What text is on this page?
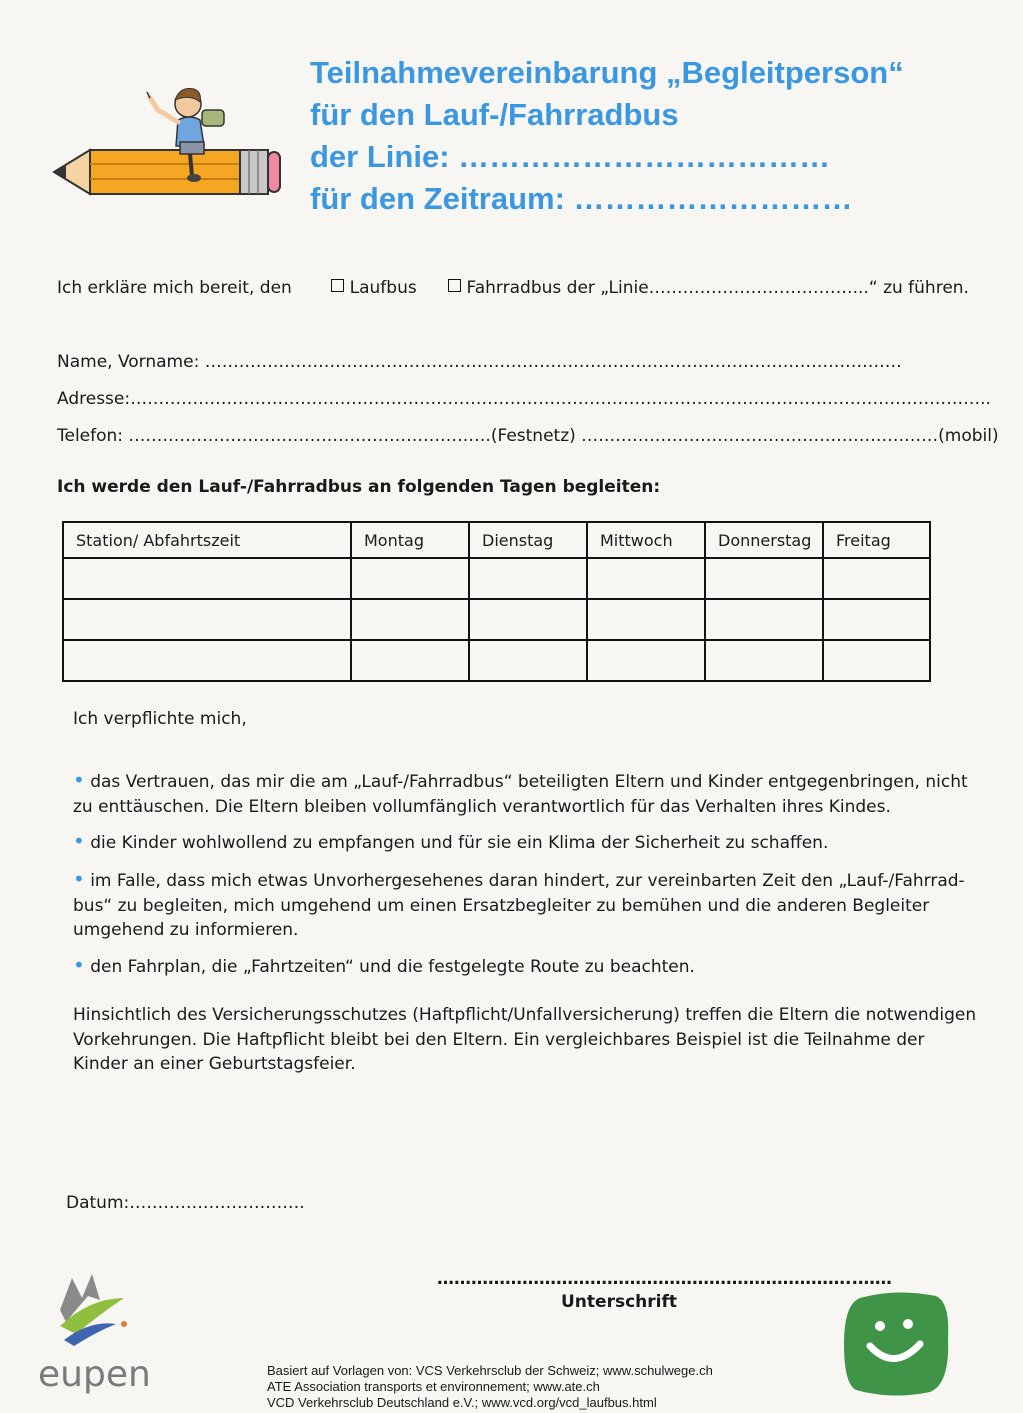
Teilnahmevereinbarung „Begleitperson“
für den Lauf-/Fahrradbus
der Linie: ………………………………
für den Zeitraum: ………………………
Ich erkläre mich bereit, den	Laufbus	Fahrradbus der „Linie………………………………...“ zu führen.
Name, Vorname: ……………………………………………………………………………………………………………
Adresse:……………………………………………………………………………………………………………………………………..
Telefon: ……………………………………………………….(Festnetz) ………………………………………………………(mobil)
Ich werde den Lauf-/Fahrradbus an folgenden Tagen begleiten:
Station/ Abfahrtszeit	Montag	Dienstag	Mittwoch	Donnerstag	Freitag

Ich verpflichte mich,
• das Vertrauen, das mir die am „Lauf-/Fahrradbus“ beteiligten Eltern und Kinder entgegenbringen, nicht
zu enttäuschen. Die Eltern bleiben vollumfänglich verantwortlich für das Verhalten ihres Kindes.
• die Kinder wohlwollend zu empfangen und für sie ein Klima der Sicherheit zu schaffen.
• im Falle, dass mich etwas Unvorhergesehenes daran hindert, zur vereinbarten Zeit den „Lauf-/Fahrrad-
bus“ zu begleiten, mich umgehend um einen Ersatzbegleiter zu bemühen und die anderen Begleiter
umgehend zu informieren.
• den Fahrplan, die „Fahrtzeiten“ und die festgelegte Route zu beachten.
Hinsichtlich des Versicherungsschutzes (Haftpflicht/Unfallversicherung) treffen die Eltern die notwendigen
Vorkehrungen. Die Haftpflicht bleibt bei den Eltern. Ein vergleichbares Beispiel ist die Teilnahme der
Kinder an einer Geburtstagsfeier.
Datum:………………………….
………………………………………………………………..……
Unterschrift
eupen	Basiert auf Vorlagen von: VCS Verkehrsclub der Schweiz; www.schulwege.ch
ATE Association transports et environnement; www.ate.ch
VCD Verkehrsclub Deutschland e.V.; www.vcd.org/vcd_laufbus.html
